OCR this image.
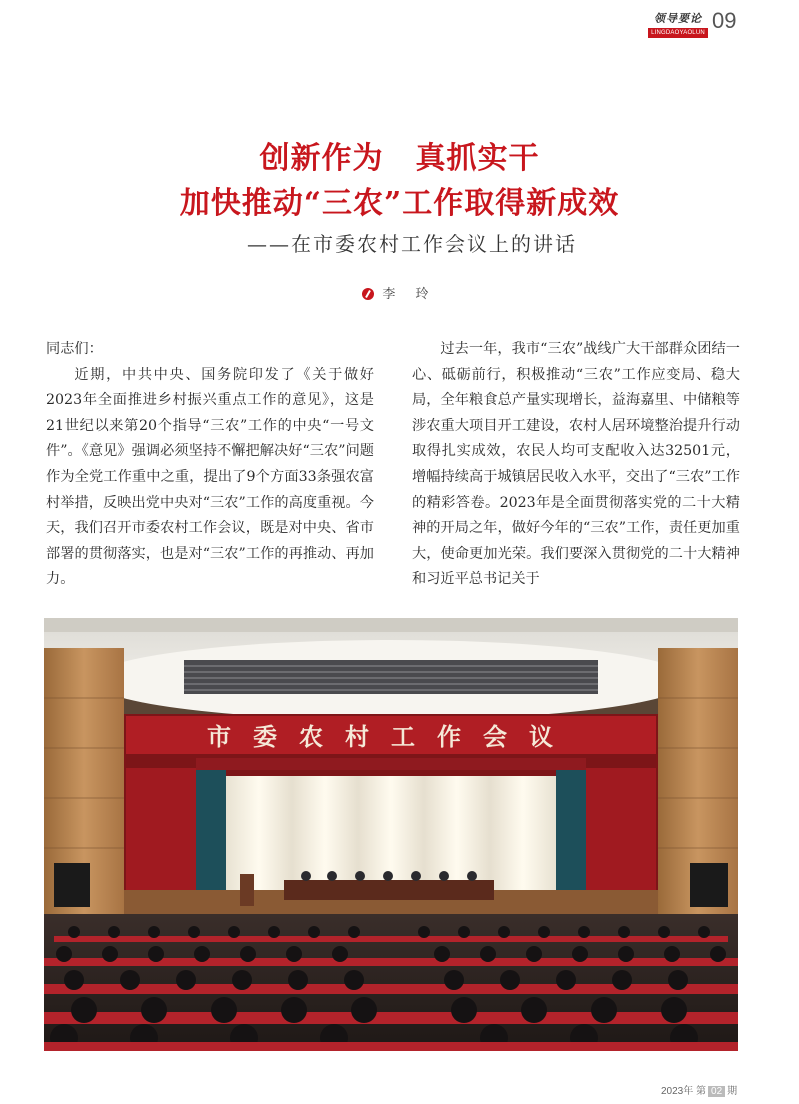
领导要论
LINGDAOYAOLUN 09
创新作为 真抓实干
加快推动“三农”工作取得新成效
——在市委农村工作会议上的讲话
李 玲

同志们：

近期，中共中央、国务院印发了《关于做好2023年全面推进乡村振兴重点工作的意见》，这是21世纪以来第20个指导“三农”工作的中央“一号文件”。《意见》强调必须坚持不懈把解决好“三农”问题作为全党工作重中之重，提出了9个方面33条强农富村举措，反映出党中央对“三农”工作的高度重视。今天，我们召开市委农村工作会议，既是对中央、省市部署的贯彻落实，也是对“三农”工作的再推动、再加力。

过去一年，我市“三农”战线广大干部群众团结一心、砥砺前行，积极推动“三农”工作应变局、稳大局，全年粮食总产量实现增长，益海嘉里、中储粮等涉农重大项目开工建设，农村人居环境整治提升行动取得扎实成效，农民人均可支配收入达32501元，增幅持续高于城镇居民收入水平，交出了“三农”工作的精彩答卷。2023年是全面贯彻落实党的二十大精神的开局之年，做好今年的“三农”工作，责任更加重大，使命更加光荣。我们要深入贯彻党的二十大精神和习近平总书记关于

市委农村工作会议
2023年 第 02 期
